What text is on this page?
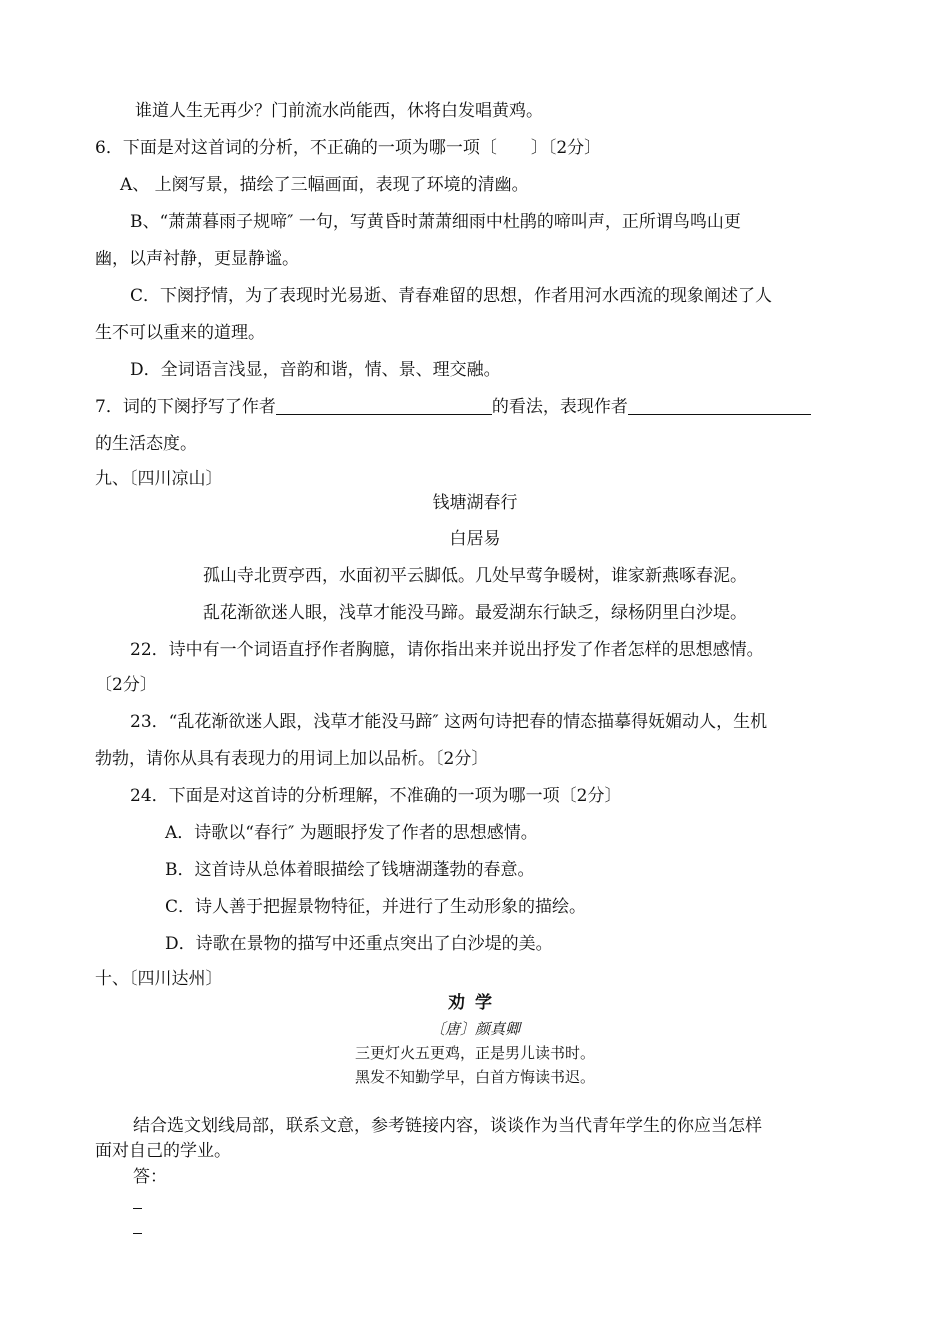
谁道人生无再少？门前流水尚能西，休将白发唱黄鸡。
6．下面是对这首词的分析，不正确的一项为哪一项〔　　〕〔2分〕
A、 上阕写景，描绘了三幅画面，表现了环境的清幽。
B、“萧萧暮雨子规啼″ 一句，写黄昏时萧萧细雨中杜鹃的啼叫声，正所谓鸟鸣山更
幽，以声衬静，更显静谧。
C．下阕抒情，为了表现时光易逝、青春难留的思想，作者用河水西流的现象阐述了人
生不可以重来的道理。
D．全词语言浅显，音韵和谐，情、景、理交融。
7．词的下阕抒写了作者	的看法，表现作者
的生活态度。
九、〔四川凉山〕
钱塘湖春行
白居易
孤山寺北贾亭西，水面初平云脚低。几处早莺争暖树，谁家新燕啄春泥。
乱花渐欲迷人眼，浅草才能没马蹄。最爱湖东行缺乏，绿杨阴里白沙堤。
22．诗中有一个词语直抒作者胸臆，请你指出来并说出抒发了作者怎样的思想感情。
〔2分〕
23．“乱花渐欲迷人跟，浅草才能没马蹄″ 这两句诗把春的情态描摹得妩媚动人，生机
勃勃，请你从具有表现力的用词上加以品析。〔2分〕
24．下面是对这首诗的分析理解，不准确的一项为哪一项〔2分〕
A．诗歌以“春行″ 为题眼抒发了作者的思想感情。
B．这首诗从总体着眼描绘了钱塘湖蓬勃的春意。
C．诗人善于把握景物特征，并进行了生动形象的描绘。
D．诗歌在景物的描写中还重点突出了白沙堤的美。
十、〔四川达州〕
劝学
〔唐〕颜真卿
三更灯火五更鸡，正是男儿读书时。
黑发不知勤学早，白首方悔读书迟。
结合选文划线局部，联系文意，参考链接内容，谈谈作为当代青年学生的你应当怎样
面对自己的学业。
答：
